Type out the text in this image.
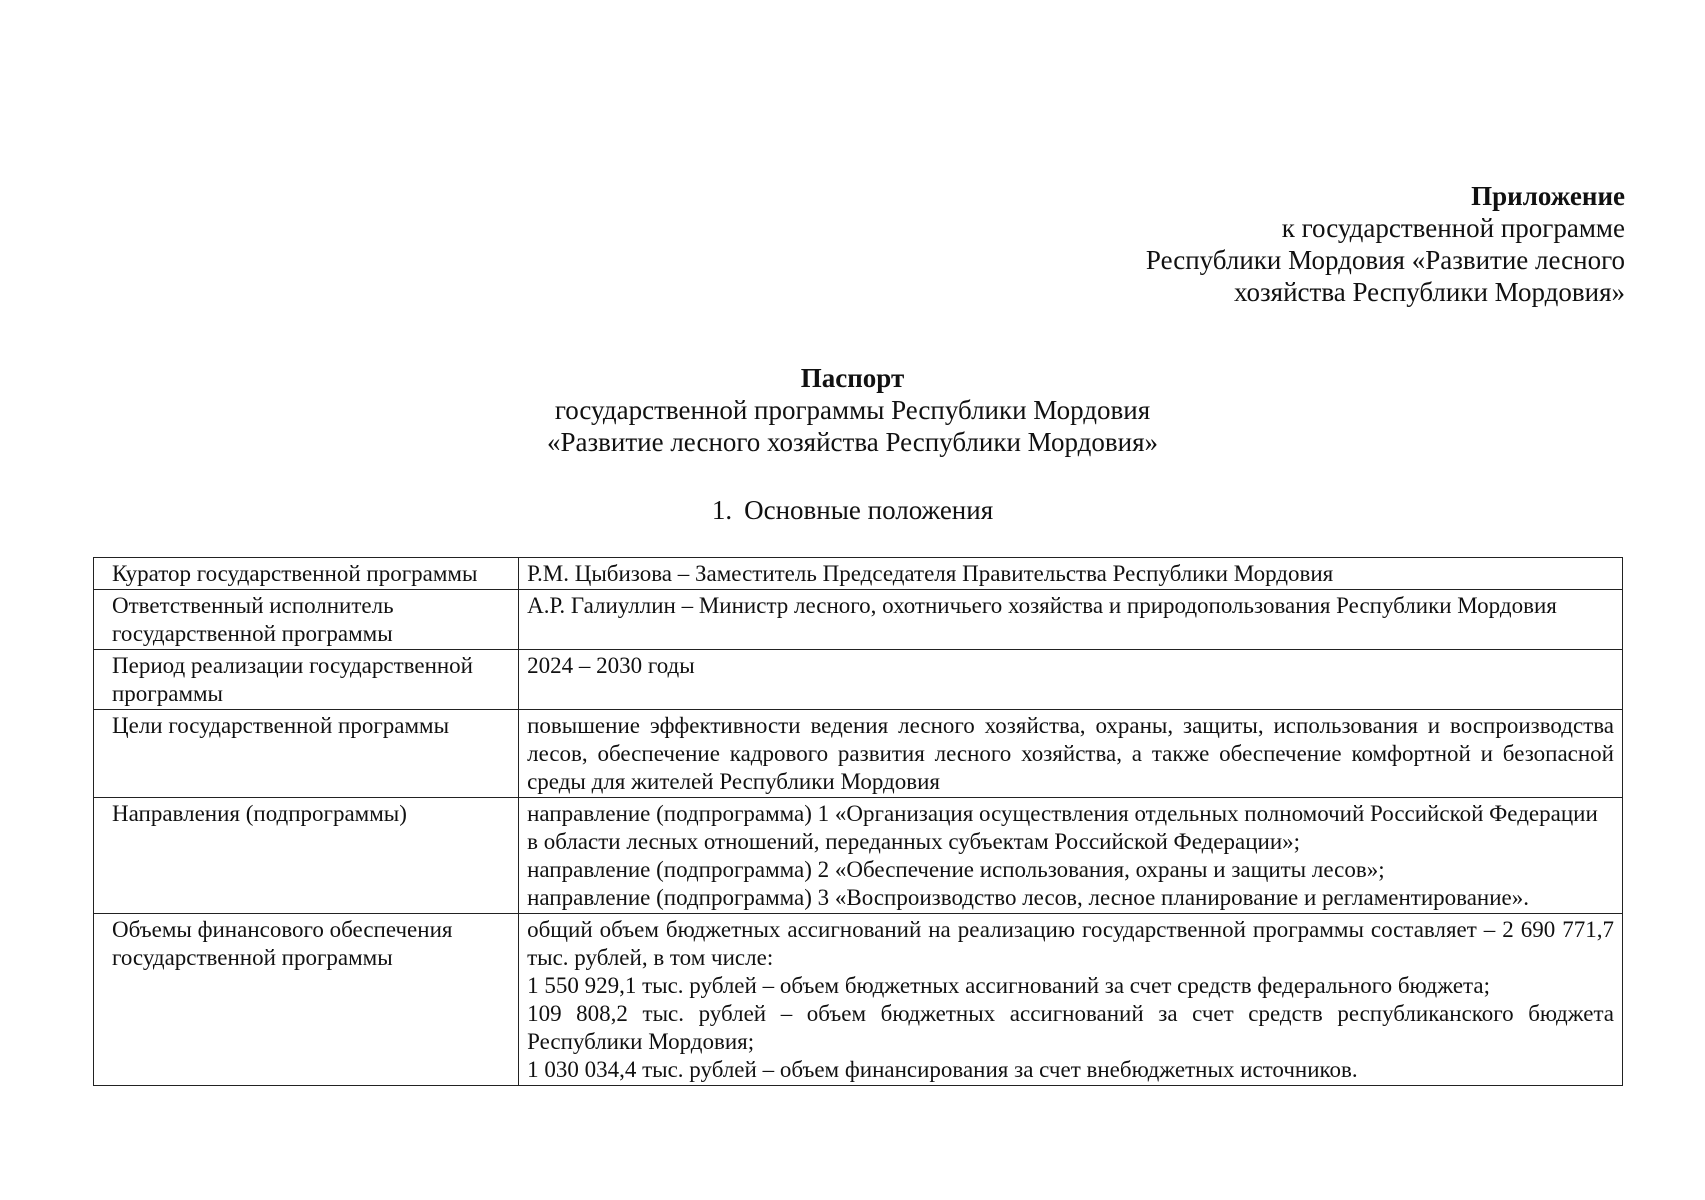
Приложение
к государственной программе
Республики Мордовия «Развитие лесного
хозяйства Республики Мордовия»
Паспорт
государственной программы Республики Мордовия
«Развитие лесного хозяйства Республики Мордовия»
1. Основные положения
Куратор государственной программы	Р.М. Цыбизова – Заместитель Председателя Правительства Республики Мордовия

Ответственный исполнитель государственной программы	А.Р. Галиуллин – Министр лесного, охотничьего хозяйства и природопользования Республики Мордовия

Период реализации государственной программы	2024 – 2030 годы

Цели государственной программы	повышение эффективности ведения лесного хозяйства, охраны, защиты, использования и воспроизводства лесов, обеспечение кадрового развития лесного хозяйства, а также обеспечение комфортной и безопасной среды для жителей Республики Мордовия

Направления (подпрограммы)	направление (подпрограмма) 1 «Организация осуществления отдельных полномочий Российской Федерации в области лесных отношений, переданных субъектам Российской Федерации»;
направление (подпрограмма) 2 «Обеспечение использования, охраны и защиты лесов»;
направление (подпрограмма) 3 «Воспроизводство лесов, лесное планирование и регламентирование».

Объемы финансового обеспечения государственной программы	общий объем бюджетных ассигнований на реализацию государственной программы составляет – 2 690 771,7 тыс. рублей, в том числе:
1 550 929,1 тыс. рублей – объем бюджетных ассигнований за счет средств федерального бюджета;
109 808,2 тыс. рублей – объем бюджетных ассигнований за счет средств республиканского бюджета Республики Мордовия;
1 030 034,4 тыс. рублей – объем финансирования за счет внебюджетных источников.
